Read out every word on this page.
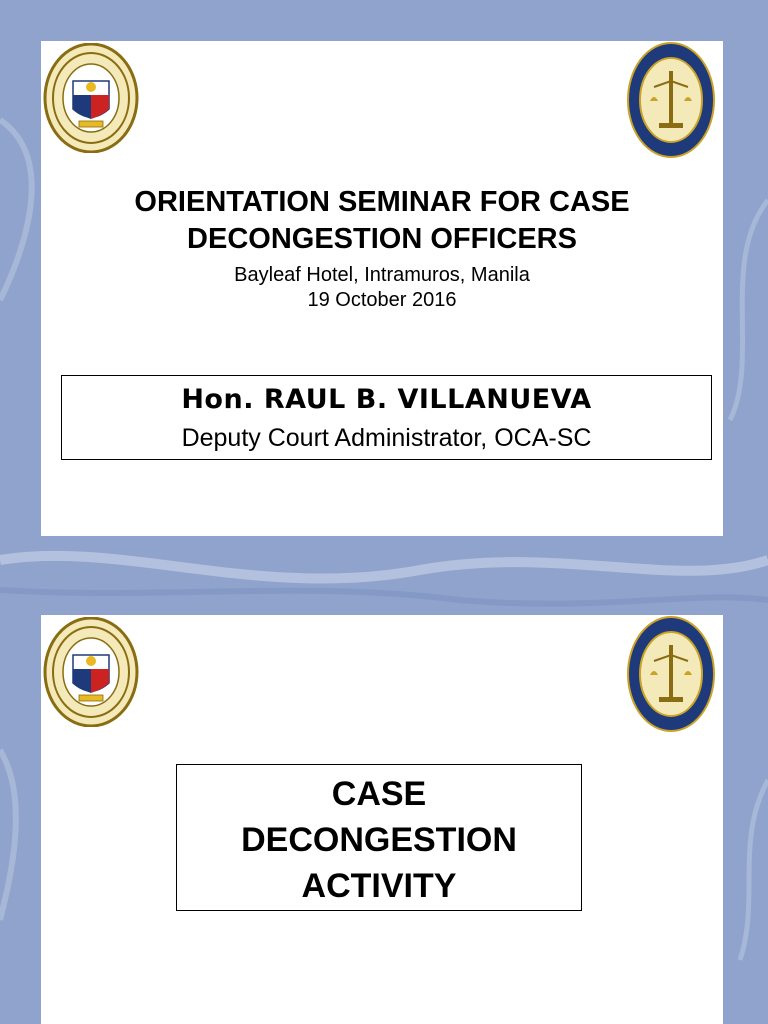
ORIENTATION SEMINAR FOR CASE
DECONGESTION OFFICERS
Bayleaf Hotel, Intramuros, Manila
19 October 2016
Hon. RAUL B. VILLANUEVA
Deputy Court Administrator, OCA-SC
CASE
DECONGESTION
ACTIVITY
